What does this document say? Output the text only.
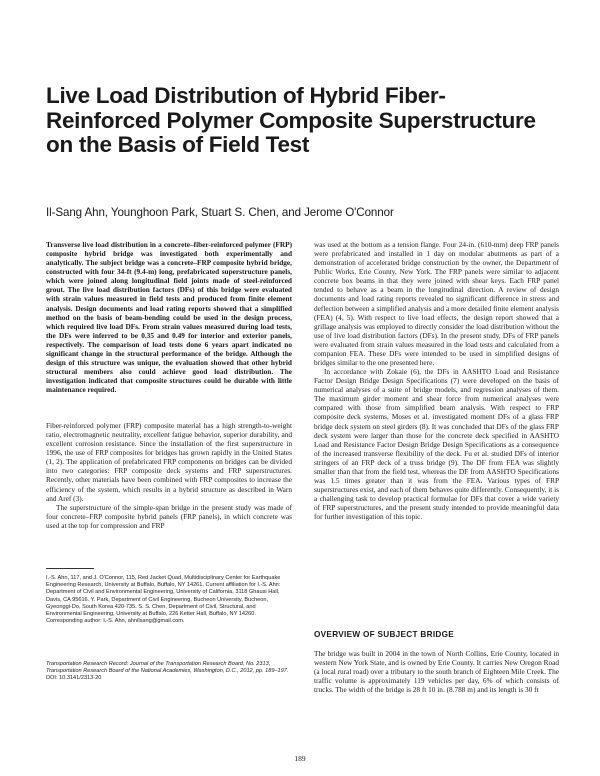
Live Load Distribution of Hybrid Fiber-Reinforced Polymer Composite Superstructure on the Basis of Field Test
Il-Sang Ahn, Younghoon Park, Stuart S. Chen, and Jerome O'Connor

Transverse live load distribution in a concrete–fiber-reinforced polymer (FRP) composite hybrid bridge was investigated both experimentally and analytically. The subject bridge was a concrete–FRP composite hybrid bridge, constructed with four 34-ft (9.4-m) long, prefabricated superstructure panels, which were joined along longitudinal field joints made of steel-reinforced grout. The live load distribution factors (DFs) of this bridge were evaluated with strain values measured in field tests and produced from finite element analysis. Design documents and load rating reports showed that a simplified method on the basis of beam-bending could be used in the design process, which required live load DFs. From strain values measured during load tests, the DFs were inferred to be 0.35 and 0.49 for interior and exterior panels, respectively. The comparison of load tests done 6 years apart indicated no significant change in the structural performance of the bridge. Although the design of this structure was unique, the evaluation showed that other hybrid structural members also could achieve good load distribution. The investigation indicated that composite structures could be durable with little maintenance required.

Fiber-reinforced polymer (FRP) composite material has a high strength-to-weight ratio, electromagnetic neutrality, excellent fatigue behavior, superior durability, and excellent corrosion resistance. Since the installation of the first superstructure in 1996, the use of FRP composites for bridges has grown rapidly in the United States (1, 2). The application of prefabricated FRP components on bridges can be divided into two categories: FRP composite deck systems and FRP superstructures. Recently, other materials have been combined with FRP composites to increase the efficiency of the system, which results in a hybrid structure as described in Warn and Aref (3).

The superstructure of the simple-span bridge in the present study was made of four concrete–FRP composite hybrid panels (FRP panels), in which concrete was used at the top for compression and FRP

I.-S. Ahn, 117, and J. O'Connor, 115, Red Jacket Quad, Multidisciplinary Center for Earthquake Engineering Research, University at Buffalo, Buffalo, NY 14261. Current affiliation for I.-S. Ahn: Department of Civil and Environmental Engineering, University of California, 3118 Ghausi Hall, Davis, CA 95616. Y. Park, Department of Civil Engineering, Bucheon University, Bucheon, Gyeonggi-Do, South Korea 420-735. S. S. Chen, Department of Civil, Structural, and Environmental Engineering, University at Buffalo, 226 Ketter Hall, Buffalo, NY 14260. Corresponding author: I.-S. Ahn, ahnilsang@gmail.com.
Transportation Research Record: Journal of the Transportation Research Board, No. 2313, Transportation Research Board of the National Academies, Washington, D.C., 2012, pp. 189–197.
DOI: 10.3141/2313-20

was used at the bottom as a tension flange. Four 24-in. (610-mm) deep FRP panels were prefabricated and installed in 1 day on modular abutments as part of a demonstration of accelerated bridge construction by the owner, the Department of Public Works, Erie County, New York. The FRP panels were similar to adjacent concrete box beams in that they were joined with shear keys. Each FRP panel tended to behave as a beam in the longitudinal direction. A review of design documents and load rating reports revealed no significant difference in stress and deflection between a simplified analysis and a more detailed finite element analysis (FEA) (4, 5). With respect to live load effects, the design report showed that a grillage analysis was employed to directly consider the load distribution without the use of live load distribution factors (DFs). In the present study, DFs of FRP panels were evaluated from strain values measured in the load tests and calculated from a companion FEA. These DFs were intended to be used in simplified designs of bridges similar to the one presented here.

In accordance with Zokaie (6), the DFs in AASHTO Load and Resistance Factor Design Bridge Design Specifications (7) were developed on the basis of numerical analyses of a suite of bridge models, and regression analyses of them. The maximum girder moment and shear force from numerical analyses were compared with those from simplified beam analysis. With respect to FRP composite deck systems, Moses et al. investigated moment DFs of a glass FRP bridge deck system on steel girders (8). It was concluded that DFs of the glass FRP deck system were larger than those for the concrete deck specified in AASHTO Load and Resistance Factor Design Bridge Design Specifications as a consequence of the increased transverse flexibility of the deck. Fu et al. studied DFs of interior stringers of an FRP deck of a truss bridge (9). The DF from FEA was slightly smaller than that from the field test, whereas the DF from AASHTO Specifications was 1.5 times greater than it was from the FEA. Various types of FRP superstructures exist, and each of them behaves quite differently. Consequently, it is a challenging task to develop practical formulae for DFs that cover a wide variety of FRP superstructures, and the present study intended to provide meaningful data for further investigation of this topic.

OVERVIEW OF SUBJECT BRIDGE

The bridge was built in 2004 in the town of North Collins, Erie County, located in western New York State, and is owned by Erie County. It carries New Oregon Road (a local rural road) over a tributary to the south branch of Eighteen Mile Creek. The traffic volume is approximately 119 vehicles per day, 6% of which consists of trucks. The width of the bridge is 28 ft 10 in. (8.788 m) and its length is 30 ft

189
